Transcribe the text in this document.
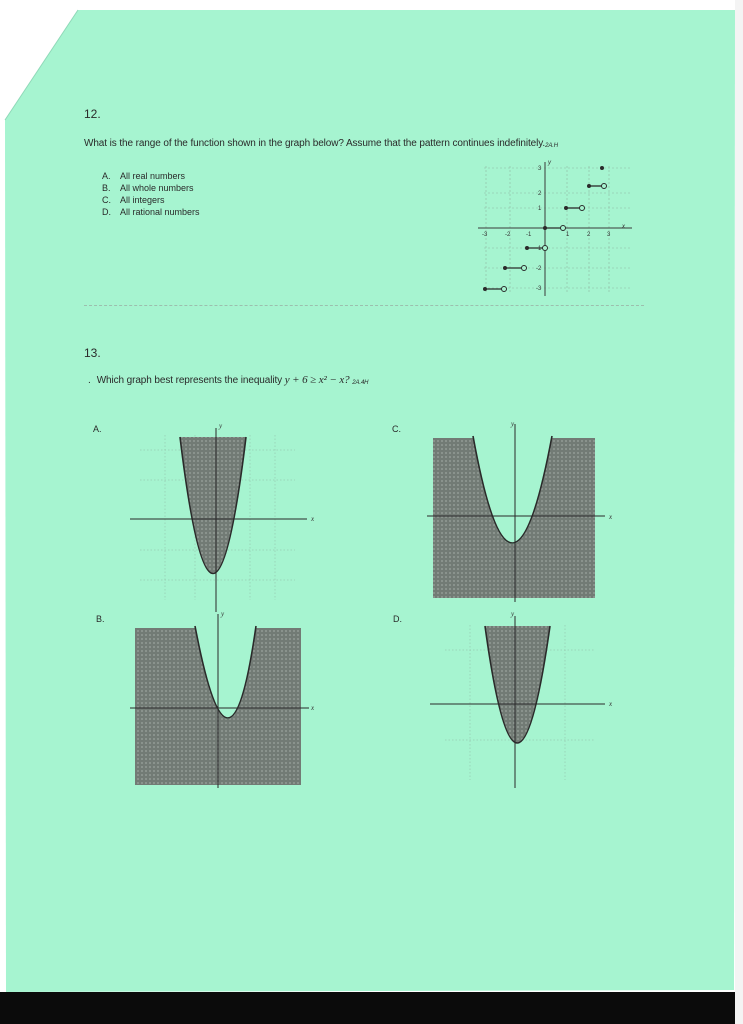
12.
What is the range of the function shown in the graph below? Assume that the pattern continues indefinitely.2A.H
A. All real numbers
B. All whole numbers
C. All integers
D. All rational numbers
-3	-2	-1	1	2	3
3
2
1
-1
-2
-3
x
y
13.
. Which graph best represents the inequality y + 6 ≥ x² − x? 2A.4H
A.
B.
C.
D.
x
y
x
y
x
y
x
y
